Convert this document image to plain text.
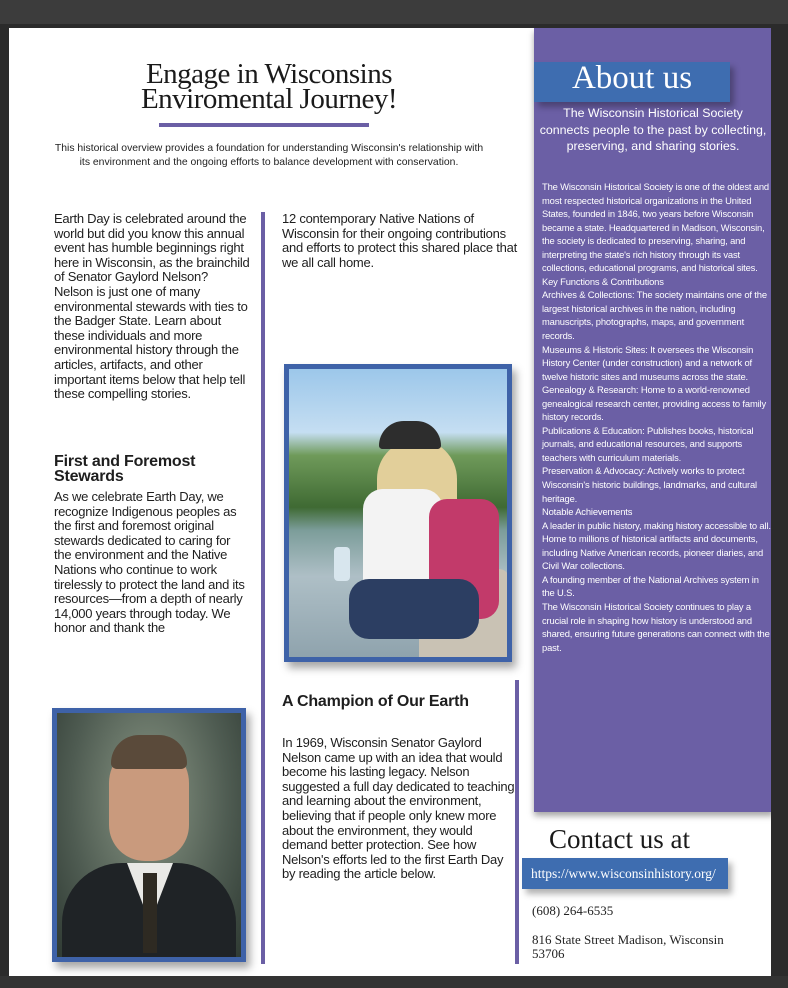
Engage in Wisconsins
Enviromental Journey!
This historical overview provides a foundation for understanding Wisconsin's relationship with its environment and the ongoing efforts to balance development with conservation.
Earth Day is celebrated around the world but did you know this annual event has humble beginnings right here in Wisconsin, as the brainchild of Senator Gaylord Nelson? Nelson is just one of many environmental stewards with ties to the Badger State. Learn about these individuals and more environmental history through the articles, artifacts, and other important items below that help tell these compelling stories.
First and Foremost Stewards
As we celebrate Earth Day, we recognize Indigenous peoples as the first and foremost original stewards dedicated to caring for the environment and the Native Nations who continue to work tirelessly to protect the land and its resources—from a depth of nearly 14,000 years through today. We honor and thank the
12 contemporary Native Nations of Wisconsin for their ongoing contributions and efforts to protect this shared place that we all call home.
A Champion of Our Earth
In 1969, Wisconsin Senator Gaylord Nelson came up with an idea that would become his lasting legacy. Nelson suggested a full day dedicated to teaching and learning about the environment, believing that if people only knew more about the environment, they would demand better protection. See how Nelson's efforts led to the first Earth Day by reading the article below.
About us
The Wisconsin Historical Society connects people to the past by collecting, preserving, and sharing stories.
The Wisconsin Historical Society is one of the oldest and most respected historical organizations in the United States, founded in 1846, two years before Wisconsin became a state. Headquartered in Madison, Wisconsin, the society is dedicated to preserving, sharing, and interpreting the state's rich history through its vast collections, educational programs, and historical sites.
Key Functions & Contributions
Archives & Collections: The society maintains one of the largest historical archives in the nation, including manuscripts, photographs, maps, and government records.
Museums & Historic Sites: It oversees the Wisconsin History Center (under construction) and a network of twelve historic sites and museums across the state.
Genealogy & Research: Home to a world-renowned genealogical research center, providing access to family history records.
Publications & Education: Publishes books, historical journals, and educational resources, and supports teachers with curriculum materials.
Preservation & Advocacy: Actively works to protect Wisconsin's historic buildings, landmarks, and cultural heritage.
Notable Achievements
A leader in public history, making history accessible to all.
Home to millions of historical artifacts and documents, including Native American records, pioneer diaries, and Civil War collections.
A founding member of the National Archives system in the U.S.
The Wisconsin Historical Society continues to play a crucial role in shaping how history is understood and shared, ensuring future generations can connect with the past.
Contact us at
https://www.wisconsinhistory.org/
(608) 264-6535
816 State Street Madison, Wisconsin 53706
